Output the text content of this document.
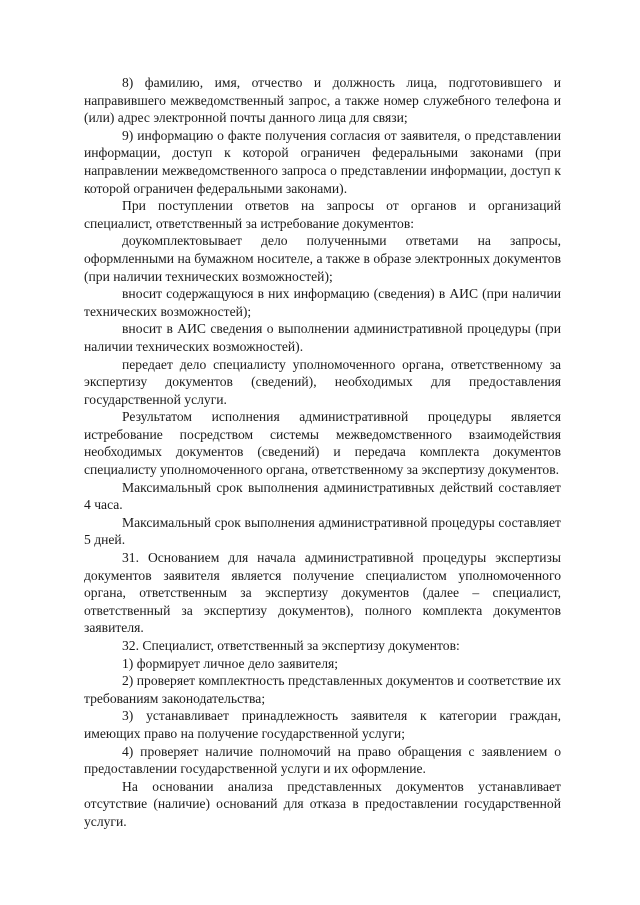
8) фамилию, имя, отчество и должность лица, подготовившего и направившего межведомственный запрос, а также номер служебного телефона и (или) адрес электронной почты данного лица для связи;

9) информацию о факте получения согласия от заявителя, о представлении информации, доступ к которой ограничен федеральными законами (при направлении межведомственного запроса о представлении информации, доступ к которой ограничен федеральными законами).

При поступлении ответов на запросы от органов и организаций специалист, ответственный за истребование документов:

доукомплектовывает дело полученными ответами на запросы, оформленными на бумажном носителе, а также в образе электронных документов (при наличии технических возможностей);

вносит содержащуюся в них информацию (сведения) в АИС (при наличии технических возможностей);

вносит в АИС сведения о выполнении административной процедуры (при наличии технических возможностей).

передает дело специалисту уполномоченного органа, ответственному за экспертизу документов (сведений), необходимых для предоставления государственной услуги.

Результатом исполнения административной процедуры является истребование посредством системы межведомственного взаимодействия необходимых документов (сведений) и передача комплекта документов специалисту уполномоченного органа, ответственному за экспертизу документов.

Максимальный срок выполнения административных действий составляет 4 часа.

Максимальный срок выполнения административной процедуры составляет 5 дней.

31. Основанием для начала административной процедуры экспертизы документов заявителя является получение специалистом уполномоченного органа, ответственным за экспертизу документов (далее – специалист, ответственный за экспертизу документов), полного комплекта документов заявителя.

32. Специалист, ответственный за экспертизу документов:

1) формирует личное дело заявителя;

2) проверяет комплектность представленных документов и соответствие их требованиям законодательства;

3) устанавливает принадлежность заявителя к категории граждан, имеющих право на получение государственной услуги;

4) проверяет наличие полномочий на право обращения с заявлением о предоставлении государственной услуги и их оформление.

На основании анализа представленных документов устанавливает отсутствие (наличие) оснований для отказа в предоставлении государственной услуги.
